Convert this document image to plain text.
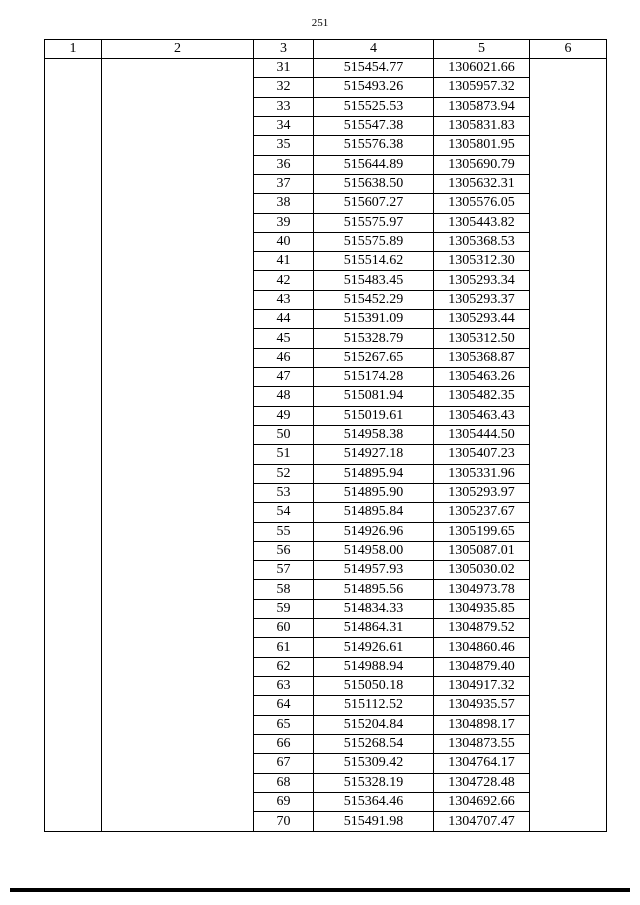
251
1	2	3	4	5	6
		31	515454.77	1306021.66	
		32	515493.26	1305957.32	
		33	515525.53	1305873.94	
		34	515547.38	1305831.83	
		35	515576.38	1305801.95	
		36	515644.89	1305690.79	
		37	515638.50	1305632.31	
		38	515607.27	1305576.05	
		39	515575.97	1305443.82	
		40	515575.89	1305368.53	
		41	515514.62	1305312.30	
		42	515483.45	1305293.34	
		43	515452.29	1305293.37	
		44	515391.09	1305293.44	
		45	515328.79	1305312.50	
		46	515267.65	1305368.87	
		47	515174.28	1305463.26	
		48	515081.94	1305482.35	
		49	515019.61	1305463.43	
		50	514958.38	1305444.50	
		51	514927.18	1305407.23	
		52	514895.94	1305331.96	
		53	514895.90	1305293.97	
		54	514895.84	1305237.67	
		55	514926.96	1305199.65	
		56	514958.00	1305087.01	
		57	514957.93	1305030.02	
		58	514895.56	1304973.78	
		59	514834.33	1304935.85	
		60	514864.31	1304879.52	
		61	514926.61	1304860.46	
		62	514988.94	1304879.40	
		63	515050.18	1304917.32	
		64	515112.52	1304935.57	
		65	515204.84	1304898.17	
		66	515268.54	1304873.55	
		67	515309.42	1304764.17	
		68	515328.19	1304728.48	
		69	515364.46	1304692.66	
		70	515491.98	1304707.47	
